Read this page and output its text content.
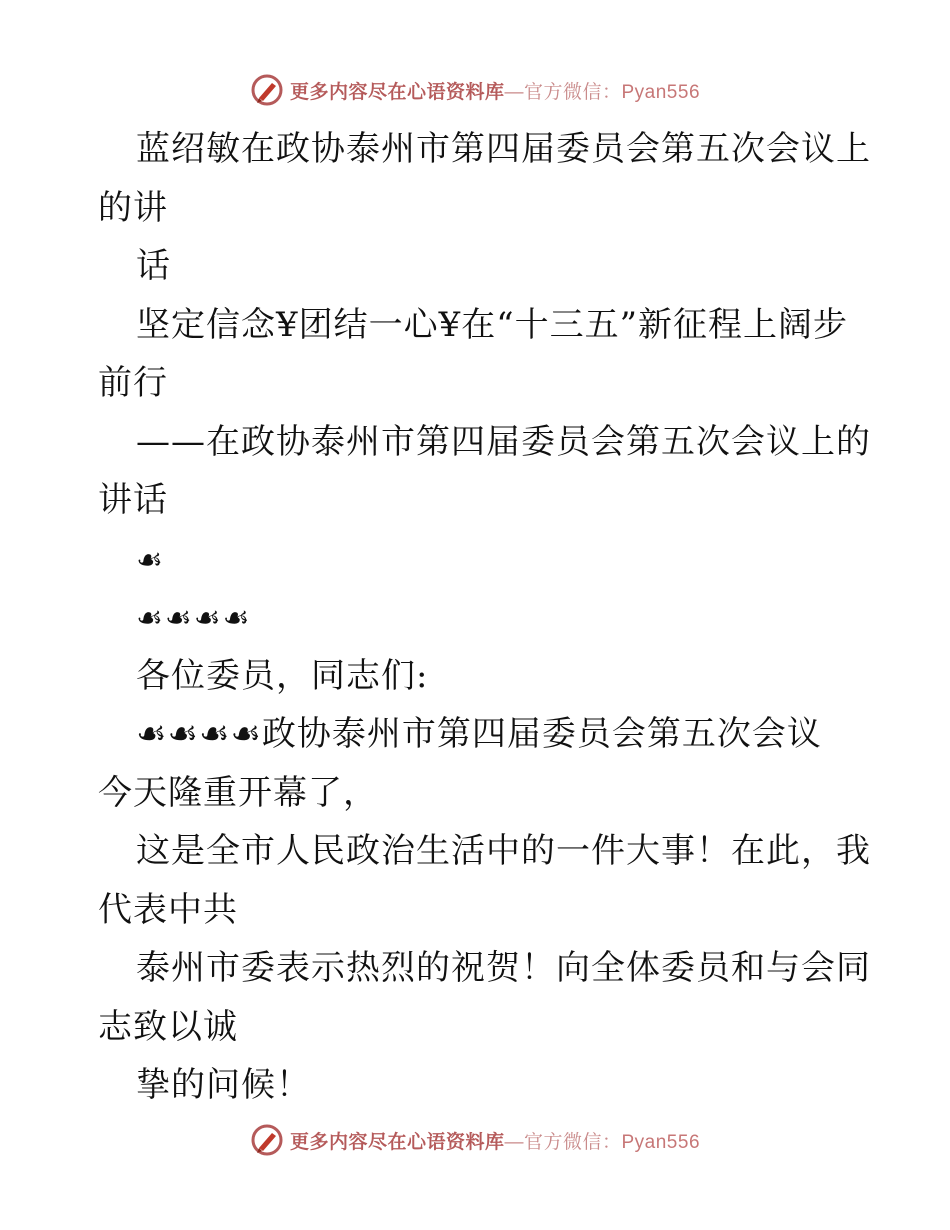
更多内容尽在心语资料库—官方微信：Pyan556
蓝绍敏在政协泰州市第四届委员会第五次会议上
的讲
话
坚定信念¥团结一心¥在“十三五”新征程上阔步
前行
——在政协泰州市第四届委员会第五次会议上的
讲话
☙
☙☙☙☙
各位委员，同志们:
☙☙☙☙政协泰州市第四届委员会第五次会议
今天隆重开幕了，
这是全市人民政治生活中的一件大事！在此，我
代表中共
泰州市委表示热烈的祝贺！向全体委员和与会同
志致以诚
挚的问候！
更多内容尽在心语资料库—官方微信：Pyan556
